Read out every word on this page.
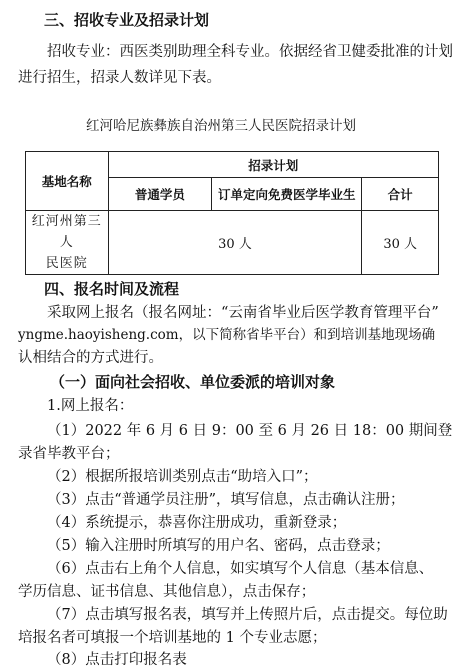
三、招收专业及招录计划
招收专业：西医类别助理全科专业。依据经省卫健委批准的计划
进行招生，招录人数详见下表。
红河哈尼族彝族自治州第三人民医院招录计划
基地名称	招录计划		
	普通学员	订单定向免费医学毕业生	合计

红河州第三人
民医院	30 人		30 人
四、报名时间及流程
采取网上报名（报名网址：“云南省毕业后医学教育管理平台”
yngme.haoyisheng.com，以下简称省毕平台）和到培训基地现场确
认相结合的方式进行。
（一）面向社会招收、单位委派的培训对象
1.网上报名：
（1）2022 年 6 月 6 日 9：00 至 6 月 26 日 18：00 期间登
录省毕教平台；
（2）根据所报培训类别点击“助培入口”；
（3）点击“普通学员注册”，填写信息，点击确认注册；
（4）系统提示，恭喜你注册成功，重新登录；
（5）输入注册时所填写的用户名、密码，点击登录；
（6）点击右上角个人信息，如实填写个人信息（基本信息、
学历信息、证书信息、其他信息），点击保存；
（7）点击填写报名表，填写并上传照片后，点击提交。每位助
培报名者可填报一个培训基地的 1 个专业志愿；
（8）点击打印报名表
